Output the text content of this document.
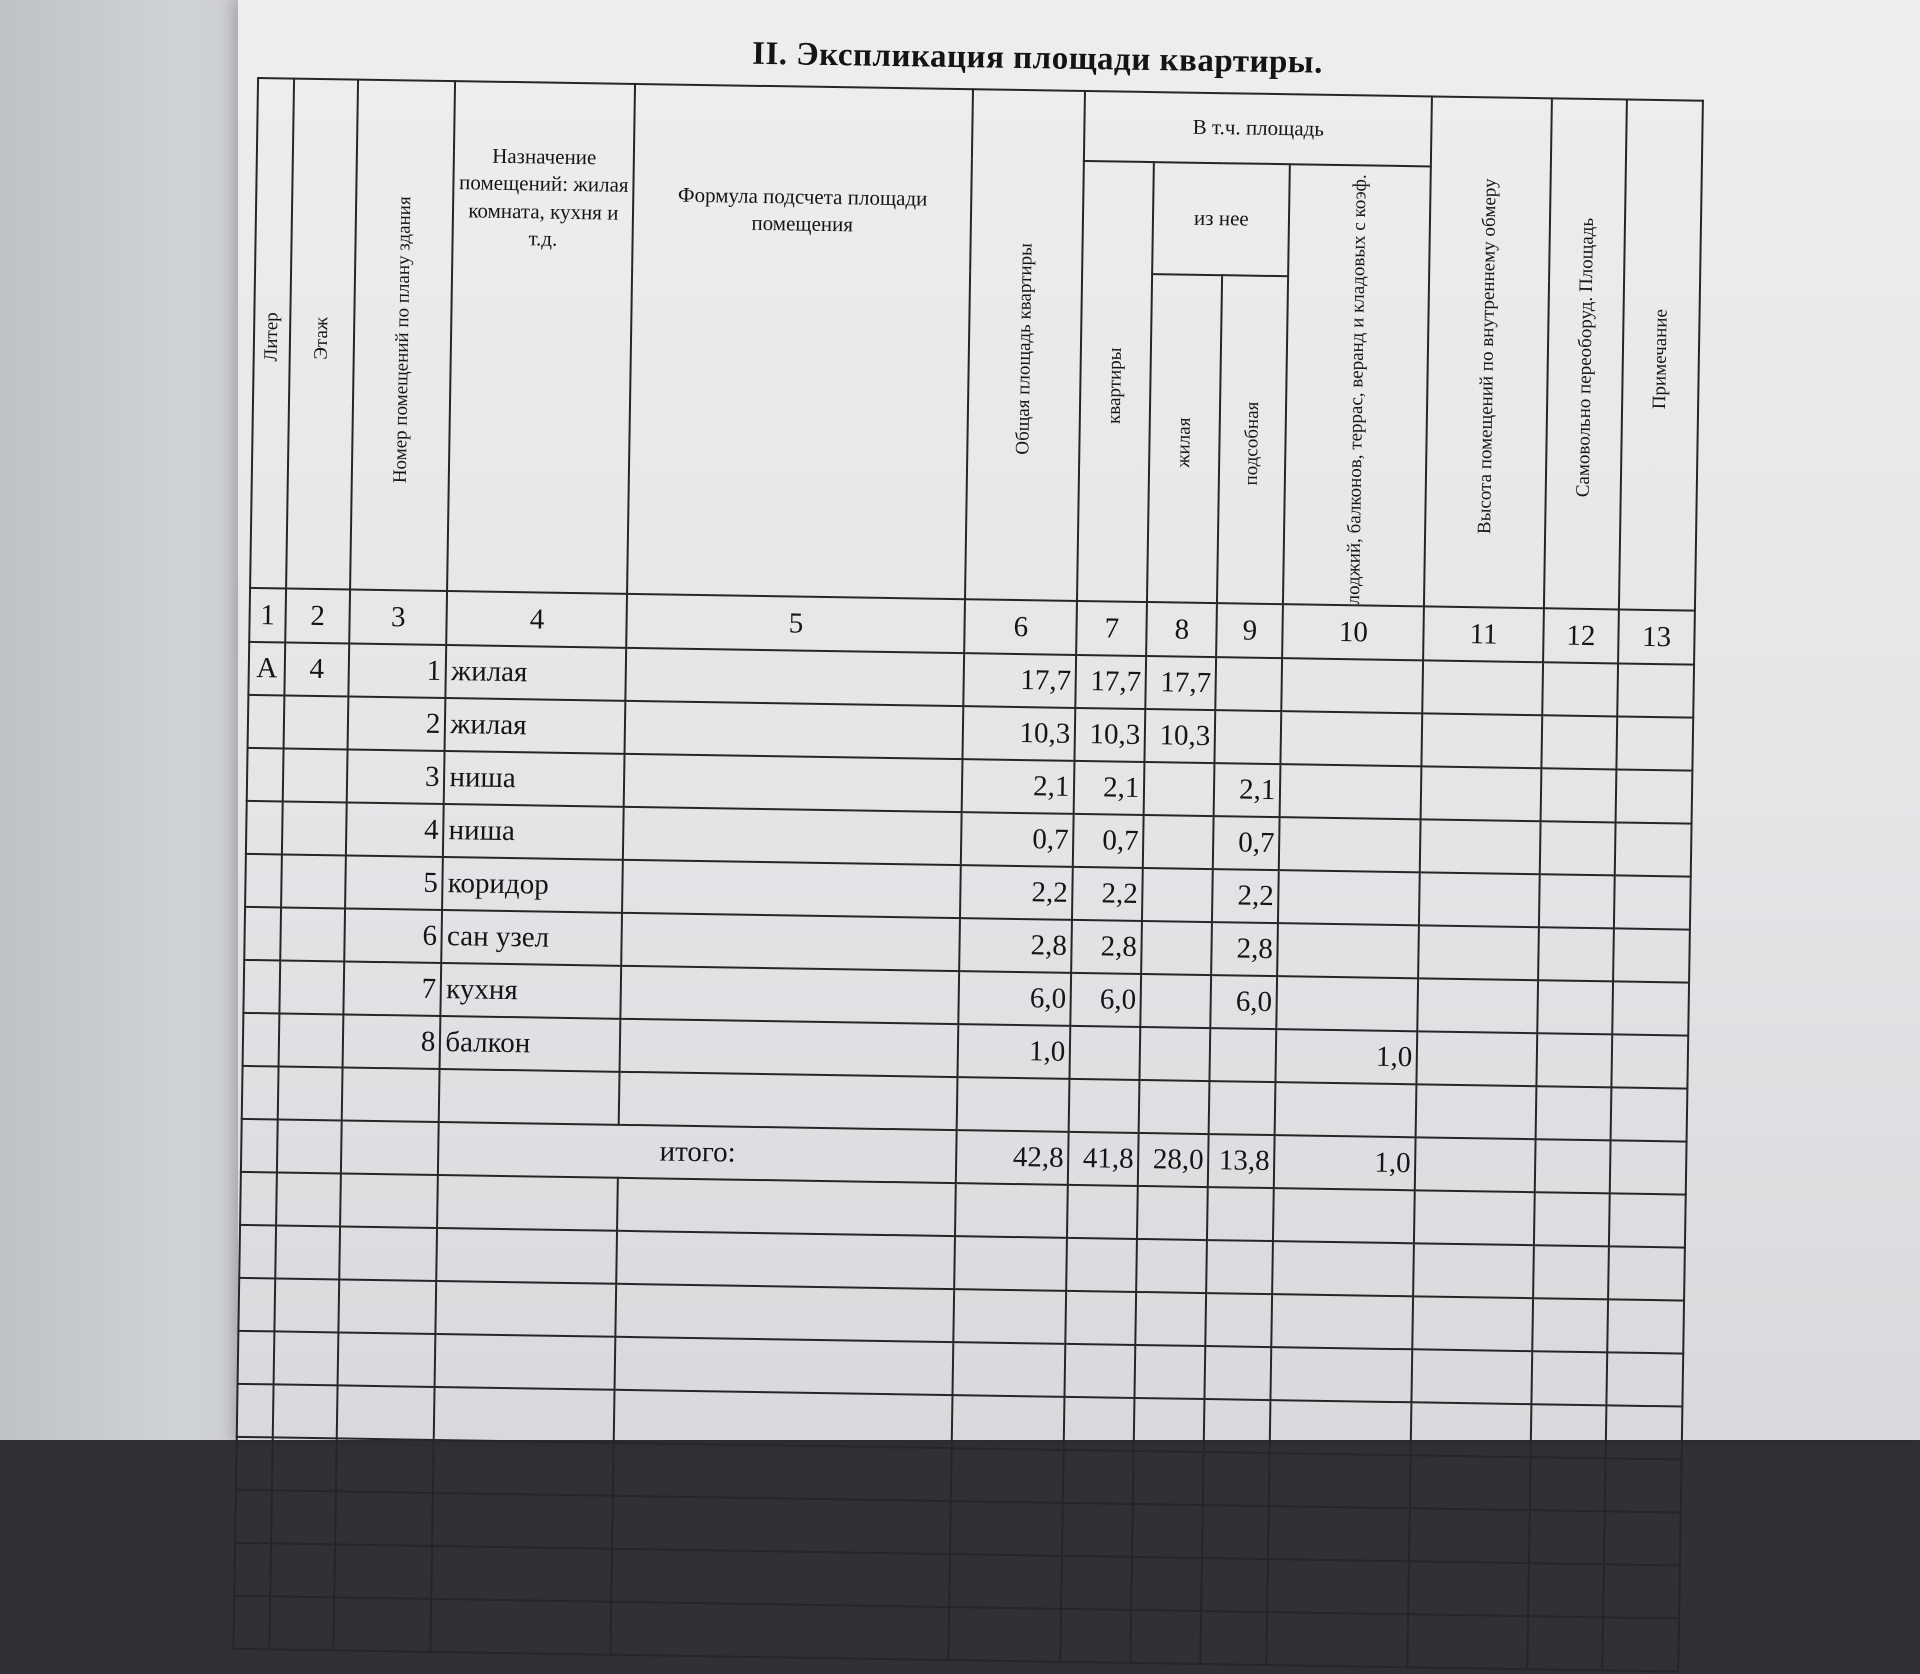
II. Экспликация площади квартиры.
Литер	Этаж	Номер помещений по плану здания	Назначение помещений: жилая комната, кухня и т.д.	Формула подсчета площади помещения	Общая площадь квартиры	В т.ч. площадь				Высота помещений по внутреннему обмеру	Самовольно переоборуд. Площадь	Примечание

						квартиры	из нее		лоджий, балконов, террас, веранд и кладовых с коэф.			

							жилая	подсобная				

1	2	3	4	5	6	7	8	9	10	11	12	13
А	4	1	жилая		17,7	17,7	17,7					
		2	жилая		10,3	10,3	10,3					
		3	ниша		2,1	2,1		2,1				
		4	ниша		0,7	0,7		0,7				
		5	коридор		2,2	2,2		2,2				
		6	сан узел		2,8	2,8		2,8				
		7	кухня		6,0	6,0		6,0				
		8	балкон		1,0				1,0			

			итого:		42,8	41,8	28,0	13,8	1,0			
